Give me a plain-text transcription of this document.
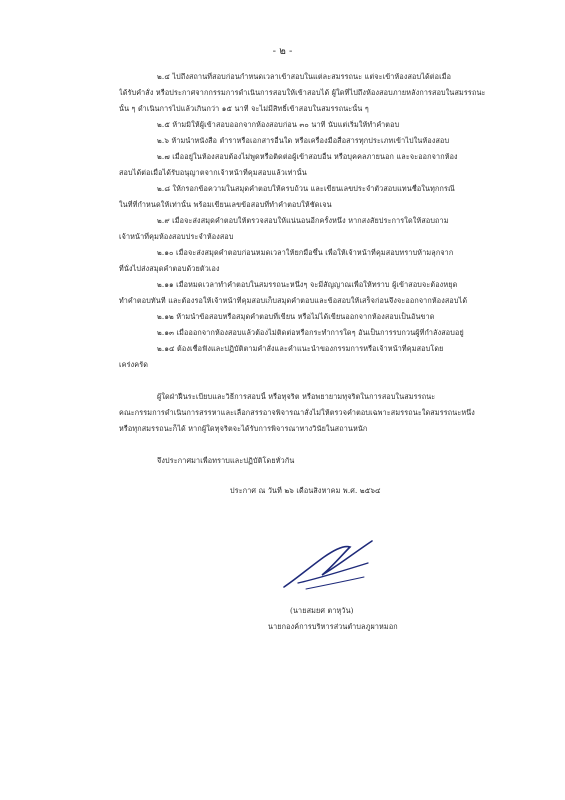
- ๒ -
๒.๔ ไปถึงสถานที่สอบก่อนกำหนดเวลาเข้าสอบในแต่ละสมรรถนะ แต่จะเข้าห้องสอบได้ต่อเมื่อ
ได้รับคำสั่ง หรือประกาศจากกรรมการดำเนินการสอบให้เข้าสอบได้ ผู้ใดที่ไปถึงห้องสอบภายหลังการสอบในสมรรถนะ
นั้น ๆ ดำเนินการไปแล้วเกินกว่า ๑๕ นาที จะไม่มีสิทธิ์เข้าสอบในสมรรถนะนั้น ๆ
๒.๕ ห้ามมิให้ผู้เข้าสอบออกจากห้องสอบก่อน ๓๐ นาที นับแต่เริ่มให้ทำคำตอบ
๒.๖ ห้ามนำหนังสือ ตำราหรือเอกสารอื่นใด หรือเครื่องมือสื่อสารทุกประเภทเข้าไปในห้องสอบ
๒.๗ เมื่ออยู่ในห้องสอบต้องไม่พูดหรือติดต่อผู้เข้าสอบอื่น หรือบุคคลภายนอก และจะออกจากห้อง
สอบได้ต่อเมื่อได้รับอนุญาตจากเจ้าหน้าที่คุมสอบแล้วเท่านั้น
๒.๘ ให้กรอกข้อความในสมุดคำตอบให้ครบถ้วน และเขียนเลขประจำตัวสอบแทนชื่อในทุกกรณี
ในที่ที่กำหนดให้เท่านั้น พร้อมเขียนเลขข้อสอบที่ทำคำตอบให้ชัดเจน
๒.๙ เมื่อจะส่งสมุดคำตอบให้ตรวจสอบให้แน่นอนอีกครั้งหนึ่ง หากสงสัยประการใดให้สอบถาม
เจ้าหน้าที่คุมห้องสอบประจำห้องสอบ
๒.๑๐ เมื่อจะส่งสมุดคำตอบก่อนหมดเวลาให้ยกมือขึ้น เพื่อให้เจ้าหน้าที่คุมสอบทราบห้ามลุกจาก
ที่นั่งไปส่งสมุดคำตอบด้วยตัวเอง
๒.๑๑ เมื่อหมดเวลาทำคำตอบในสมรรถนะหนึ่งๆ จะมีสัญญาณเพื่อให้ทราบ ผู้เข้าสอบจะต้องหยุด
ทำคำตอบทันที และต้องรอให้เจ้าหน้าที่คุมสอบเก็บสมุดคำตอบและข้อสอบให้เสร็จก่อนจึงจะออกจากห้องสอบได้
๒.๑๒ ห้ามนำข้อสอบหรือสมุดคำตอบที่เขียน หรือไม่ได้เขียนออกจากห้องสอบเป็นอันขาด
๒.๑๓ เมื่อออกจากห้องสอบแล้วต้องไม่ติดต่อหรือกระทำการใดๆ อันเป็นการรบกวนผู้ที่กำลังสอบอยู่
๒.๑๔ ต้องเชื่อฟังและปฏิบัติตามคำสั่งและคำแนะนำของกรรมการหรือเจ้าหน้าที่คุมสอบโดย
เคร่งครัด
ผู้ใดฝ่าฝืนระเบียบและวิธีการสอบนี้ หรือทุจริต หรือพยายามทุจริตในการสอบในสมรรถนะ
คณะกรรมการดำเนินการสรรหาและเลือกสรรอาจพิจารณาสั่งไม่ให้ตรวจคำตอบเฉพาะสมรรถนะใดสมรรถนะหนึ่ง
หรือทุกสมรรถนะก็ได้ หากผู้ใดทุจริตจะได้รับการพิจารณาทางวินัยในสถานหนัก
จึงประกาศมาเพื่อทราบและปฏิบัติโดยทั่วกัน
ประกาศ ณ วันที่ ๒๖ เดือนสิงหาคม พ.ศ. ๒๕๖๔
(นายสมยศ ตาหุวัน)
นายกองค์การบริหารส่วนตำบลภูผาหมอก
